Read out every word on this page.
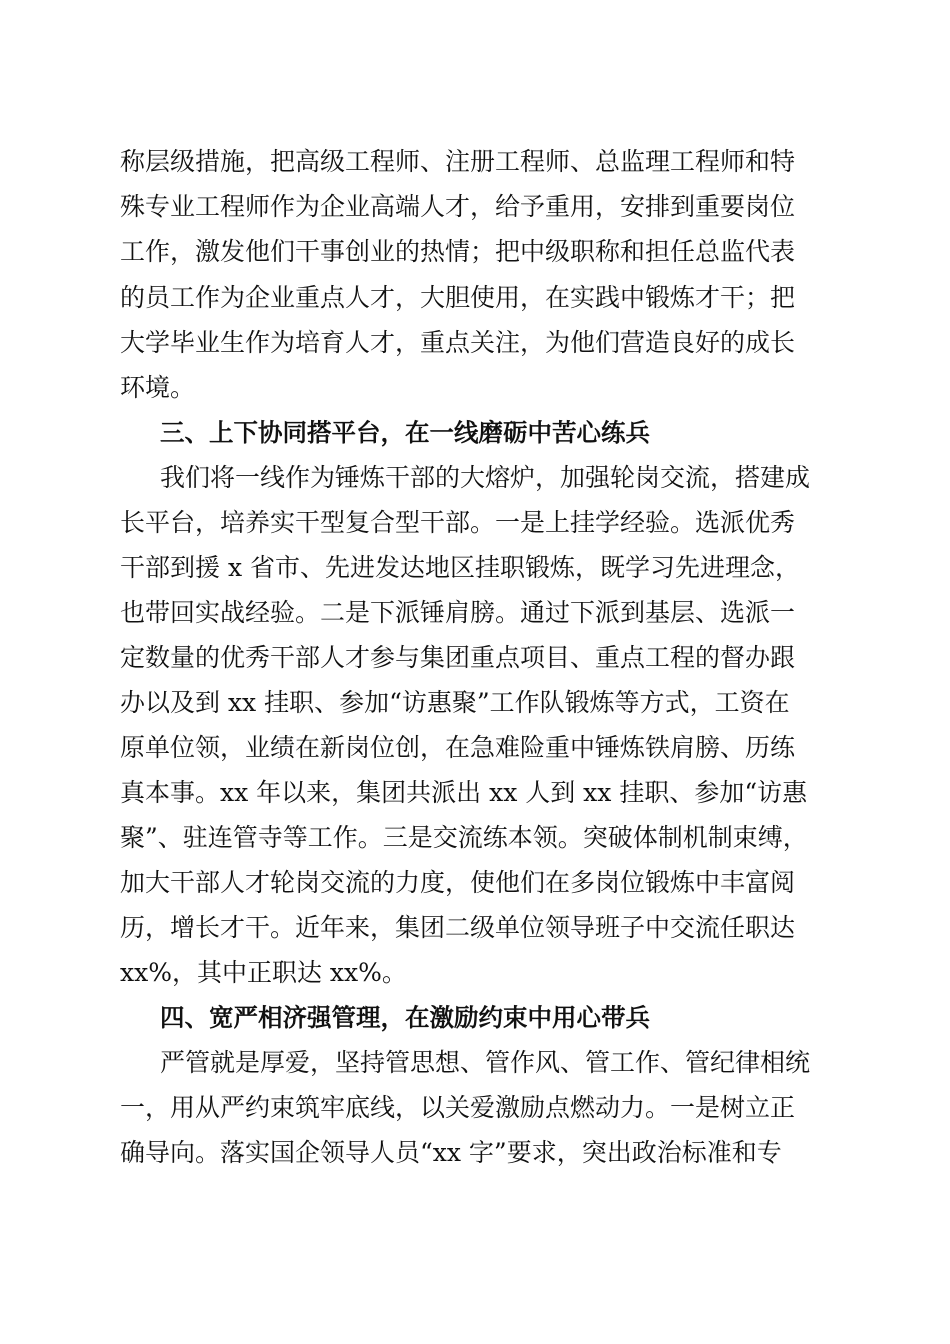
称层级措施，把高级工程师、注册工程师、总监理工程师和特

殊专业工程师作为企业高端人才，给予重用，安排到重要岗位

工作，激发他们干事创业的热情；把中级职称和担任总监代表

的员工作为企业重点人才，大胆使用，在实践中锻炼才干；把

大学毕业生作为培育人才，重点关注，为他们营造良好的成长

环境。

三、上下协同搭平台，在一线磨砺中苦心练兵

我们将一线作为锤炼干部的大熔炉，加强轮岗交流，搭建成

长平台，培养实干型复合型干部。一是上挂学经验。选派优秀

干部到援 x 省市、先进发达地区挂职锻炼，既学习先进理念，

也带回实战经验。二是下派锤肩膀。通过下派到基层、选派一

定数量的优秀干部人才参与集团重点项目、重点工程的督办跟

办以及到 xx 挂职、参加“访惠聚”工作队锻炼等方式，工资在

原单位领，业绩在新岗位创，在急难险重中锤炼铁肩膀、历练

真本事。xx 年以来，集团共派出 xx 人到 xx 挂职、参加“访惠

聚”、驻连管寺等工作。三是交流练本领。突破体制机制束缚，

加大干部人才轮岗交流的力度，使他们在多岗位锻炼中丰富阅

历，增长才干。近年来，集团二级单位领导班子中交流任职达

xx%，其中正职达 xx%。

四、宽严相济强管理，在激励约束中用心带兵

严管就是厚爱，坚持管思想、管作风、管工作、管纪律相统

一，用从严约束筑牢底线，以关爱激励点燃动力。一是树立正

确导向。落实国企领导人员“xx 字”要求，突出政治标准和专
